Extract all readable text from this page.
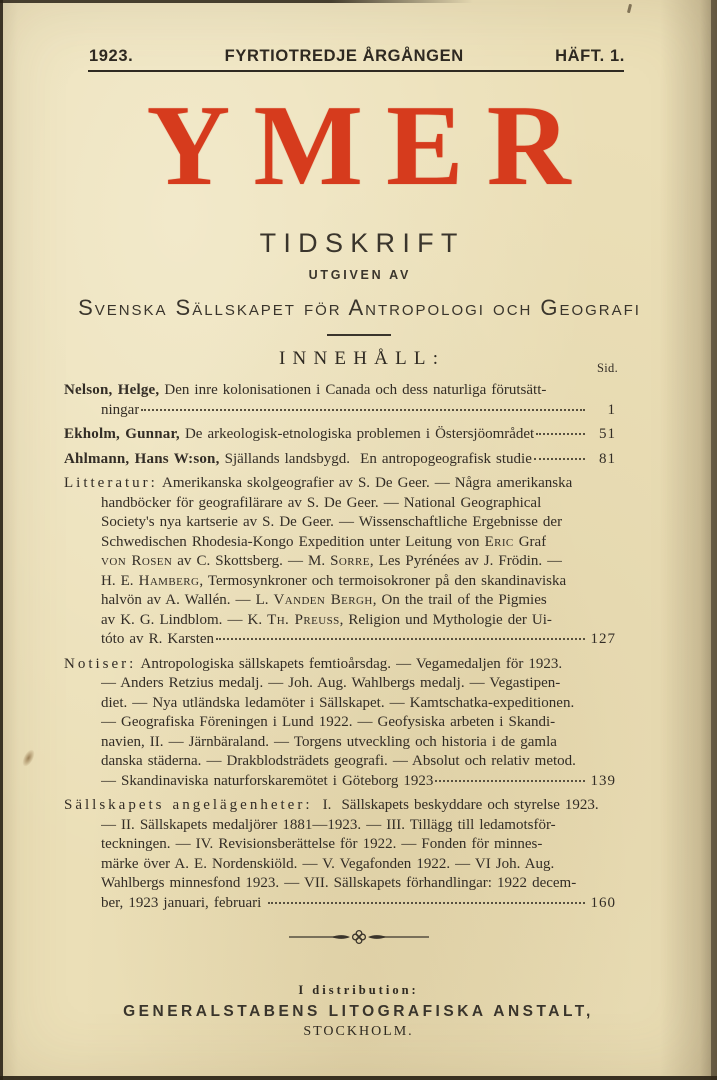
1923.	FYRTIOTREDJE ÅRGÅNGEN	HÄFT. 1.
YMER
TIDSKRIFT
UTGIVEN AV
Svenska Sällskapet för Antropologi och Geografi
INNEHÅLL:	Sid.
Nelson, Helge, Den inre kolonisationen i Canada och dess naturliga förutsätt-
ningar	1
Ekholm, Gunnar, De arkeologisk-etnologiska problemen i Östersjöområdet	51
Ahlmann, Hans W:son, Själlands landsbygd.  En antropogeografisk studie	81
Litteratur: Amerikanska skolgeografier av S. De Geer. — Några amerikanska
handböcker för geografilärare av S. De Geer. — National Geographical
Society's nya kartserie av S. De Geer. — Wissenschaftliche Ergebnisse der
Schwedischen Rhodesia-Kongo Expedition unter Leitung von Eric Graf
von Rosen av C. Skottsberg. — M. Sorre, Les Pyrénées av J. Frödin. —
H. E. Hamberg, Termosynkroner och termoisokroner på den skandinaviska
halvön av A. Wallén. — L. Vanden Bergh, On the trail of the Pigmies
av K. G. Lindblom. — K. Th. Preuss, Religion und Mythologie der Ui-
tóto av R. Karsten	127
Notiser: Antropologiska sällskapets femtioårsdag. — Vegamedaljen för 1923.
— Anders Retzius medalj. — Joh. Aug. Wahlbergs medalj. — Vegastipen-
diet. — Nya utländska ledamöter i Sällskapet. — Kamtschatka-expeditionen.
— Geografiska Föreningen i Lund 1922. — Geofysiska arbeten i Skandi-
navien, II. — Järnbäraland. — Torgens utveckling och historia i de gamla
danska städerna. — Drakblodsträdets geografi. — Absolut och relativ metod.
— Skandinaviska naturforskaremötet i Göteborg 1923	139
Sällskapets angelägenheter:  I.  Sällskapets beskyddare och styrelse 1923.
— II. Sällskapets medaljörer 1881—1923. — III. Tillägg till ledamotsför-
teckningen. — IV. Revisionsberättelse för 1922. — Fonden för minnes-
märke över A. E. Nordenskiöld. — V. Vegafonden 1922. — VI Joh. Aug.
Wahlbergs minnesfond 1923. — VII. Sällskapets förhandlingar: 1922 decem-
ber, 1923 januari, februari	160
I distribution:
GENERALSTABENS LITOGRAFISKA ANSTALT,
STOCKHOLM.
